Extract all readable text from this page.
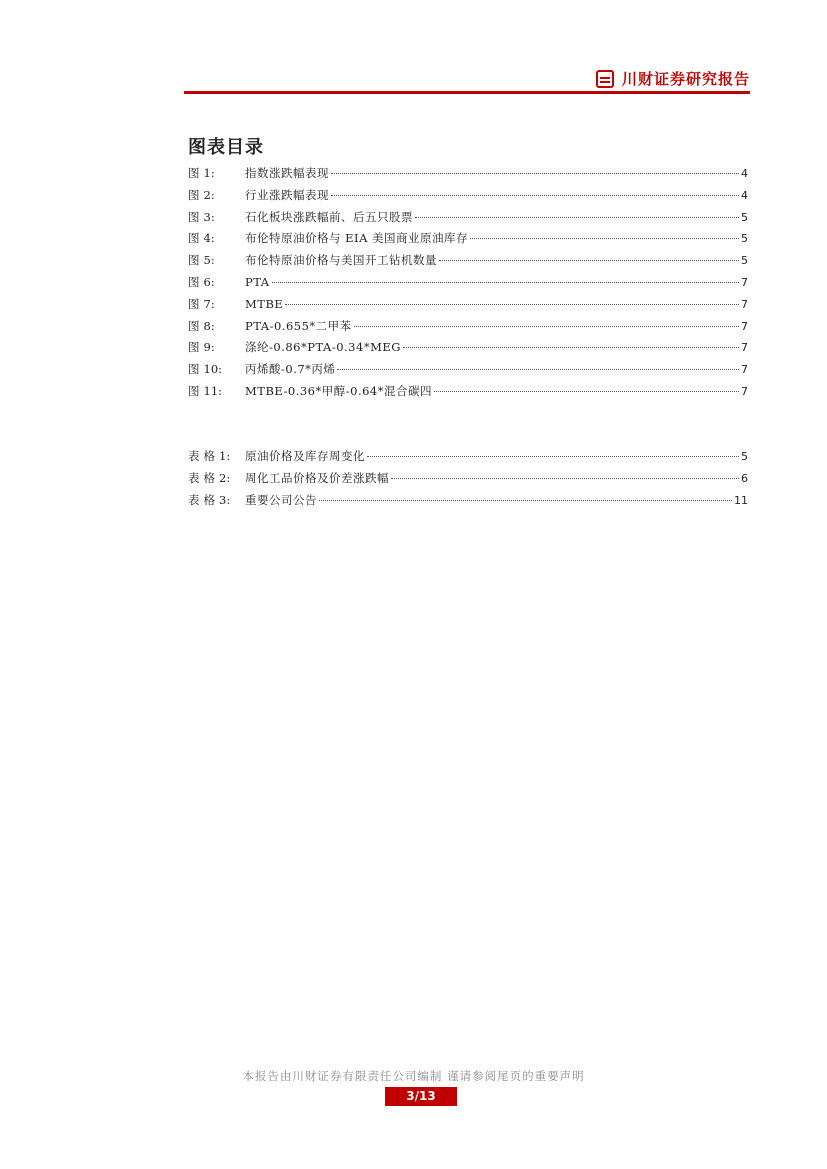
川财证券研究报告
图表目录
图1:	指数涨跌幅表现	4
图2:	行业涨跌幅表现	4
图3:	石化板块涨跌幅前、后五只股票	5
图4:	布伦特原油价格与 EIA 美国商业原油库存	5
图5:	布伦特原油价格与美国开工钻机数量	5
图6:	PTA	7
图7:	MTBE	7
图8:	PTA-0.655*二甲苯	7
图9:	涤纶-0.86*PTA-0.34*MEG	7
图10:	丙烯酸-0.7*丙烯	7
图11:	MTBE-0.36*甲醇-0.64*混合碳四	7
表格1:	原油价格及库存周变化	5
表格2:	周化工品价格及价差涨跌幅	6
表格3:	重要公司公告	11
本报告由川财证券有限责任公司编制 谨请参阅尾页的重要声明
3/13
